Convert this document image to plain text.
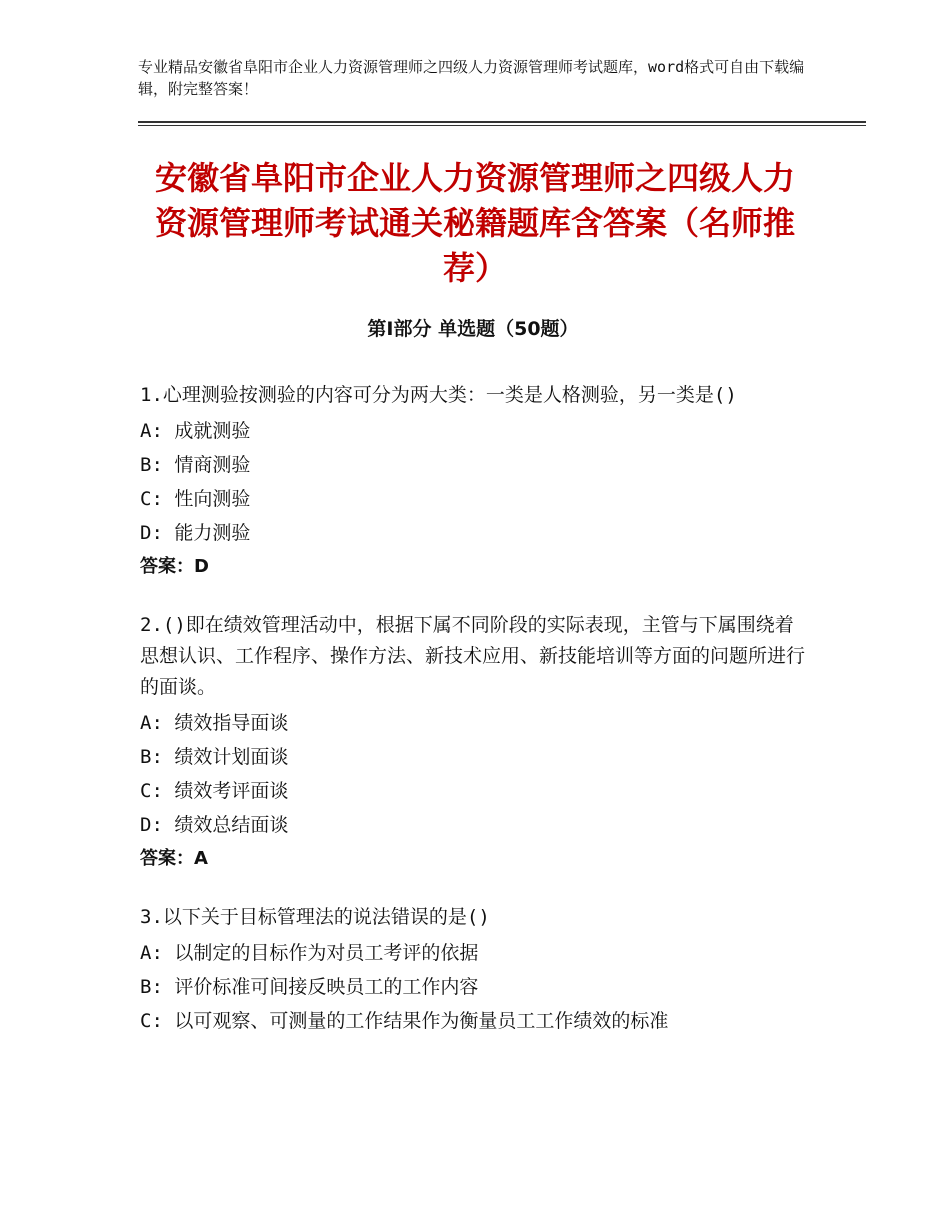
专业精品安徽省阜阳市企业人力资源管理师之四级人力资源管理师考试题库，word格式可自由下载编辑，附完整答案！
安徽省阜阳市企业人力资源管理师之四级人力资源管理师考试通关秘籍题库含答案（名师推荐）
第Ⅰ部分 单选题（50题）
1.心理测验按测验的内容可分为两大类：一类是人格测验，另一类是()
A: 成就测验
B: 情商测验
C: 性向测验
D: 能力测验
答案：D
2.()即在绩效管理活动中，根据下属不同阶段的实际表现，主管与下属围绕着思想认识、工作程序、操作方法、新技术应用、新技能培训等方面的问题所进行的面谈。
A: 绩效指导面谈
B: 绩效计划面谈
C: 绩效考评面谈
D: 绩效总结面谈
答案：A
3.以下关于目标管理法的说法错误的是()
A: 以制定的目标作为对员工考评的依据
B: 评价标准可间接反映员工的工作内容
C: 以可观察、可测量的工作结果作为衡量员工工作绩效的标准
